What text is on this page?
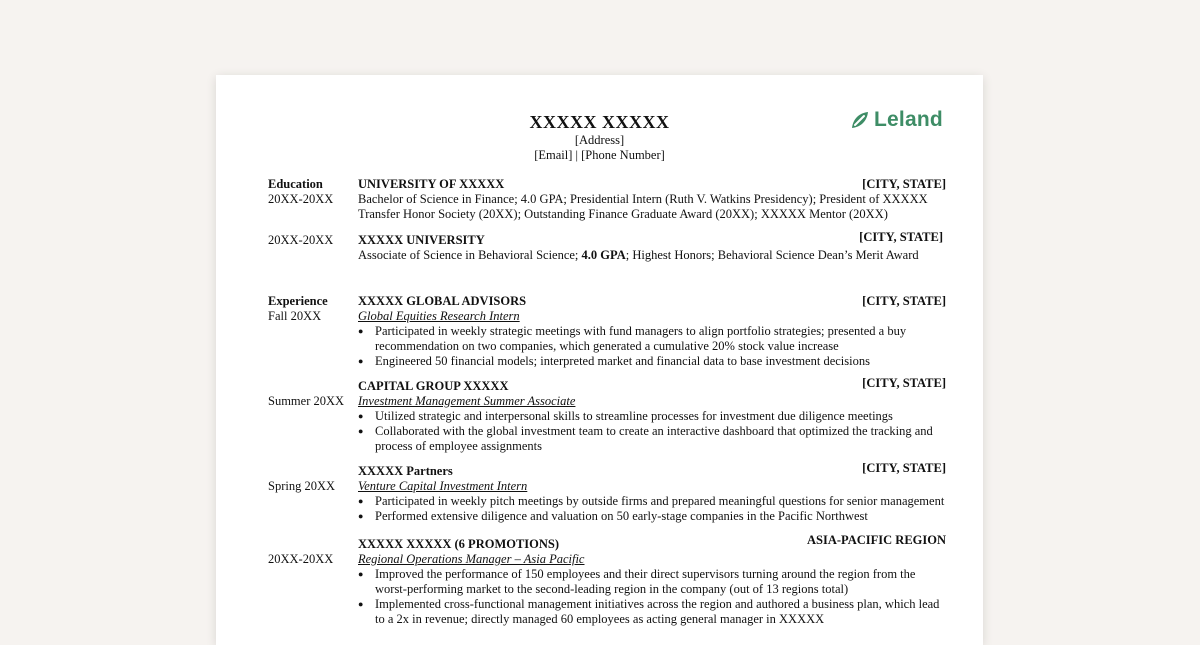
Leland
XXXXX XXXXX
[Address]
[Email] | [Phone Number]
Education
20XX-20XX
UNIVERSITY OF XXXXX
Bachelor of Science in Finance; 4.0 GPA; Presidential Intern (Ruth V. Watkins Presidency); President of XXXXX
Transfer Honor Society (20XX); Outstanding Finance Graduate Award (20XX); XXXXX Mentor (20XX)
[CITY, STATE]
20XX-20XX XXXXX UNIVERSITY
Associate of Science in Behavioral Science; 4.0 GPA; Highest Honors; Behavioral Science Dean’s Merit Award
[CITY, STATE]
Experience
Fall 20XX
XXXXX GLOBAL ADVISORS
Global Equities Research Intern
● Participated in weekly strategic meetings with fund managers to align portfolio strategies; presented a buy
recommendation on two companies, which generated a cumulative 20% stock value increase
● Engineered 50 financial models; interpreted market and financial data to base investment decisions
[CITY, STATE]
Summer 20XX
CAPITAL GROUP XXXXX
Investment Management Summer Associate
● Utilized strategic and interpersonal skills to streamline processes for investment due diligence meetings
● Collaborated with the global investment team to create an interactive dashboard that optimized the tracking and
process of employee assignments
[CITY, STATE]
Spring 20XX
XXXXX Partners
Venture Capital Investment Intern
● Participated in weekly pitch meetings by outside firms and prepared meaningful questions for senior management
● Performed extensive diligence and valuation on 50 early-stage companies in the Pacific Northwest
[CITY, STATE]
20XX-20XX
XXXXX XXXXX (6 PROMOTIONS)
Regional Operations Manager – Asia Pacific
● Improved the performance of 150 employees and their direct supervisors turning around the region from the
worst-performing market to the second-leading region in the company (out of 13 regions total)
● Implemented cross-functional management initiatives across the region and authored a business plan, which lead
to a 2x in revenue; directly managed 60 employees as acting general manager in XXXXX
ASIA-PACIFIC REGION
